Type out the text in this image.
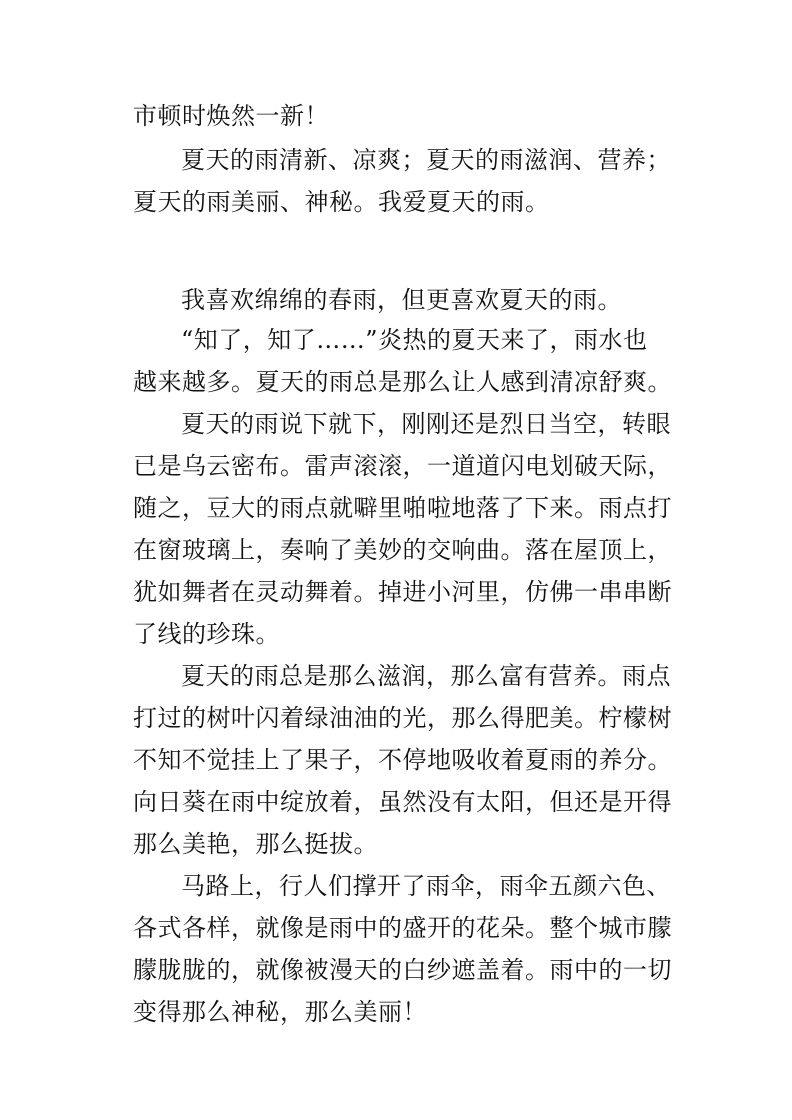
市顿时焕然一新！
夏天的雨清新、凉爽；夏天的雨滋润、营养；
夏天的雨美丽、神秘。我爱夏天的雨。
我喜欢绵绵的春雨，但更喜欢夏天的雨。
“知了，知了……”炎热的夏天来了，雨水也
越来越多。夏天的雨总是那么让人感到清凉舒爽。
夏天的雨说下就下，刚刚还是烈日当空，转眼
已是乌云密布。雷声滚滚，一道道闪电划破天际，
随之，豆大的雨点就噼里啪啦地落了下来。雨点打
在窗玻璃上，奏响了美妙的交响曲。落在屋顶上，
犹如舞者在灵动舞着。掉进小河里，仿佛一串串断
了线的珍珠。
夏天的雨总是那么滋润，那么富有营养。雨点
打过的树叶闪着绿油油的光，那么得肥美。柠檬树
不知不觉挂上了果子，不停地吸收着夏雨的养分。
向日葵在雨中绽放着，虽然没有太阳，但还是开得
那么美艳，那么挺拔。
马路上，行人们撑开了雨伞，雨伞五颜六色、
各式各样，就像是雨中的盛开的花朵。整个城市朦
朦胧胧的，就像被漫天的白纱遮盖着。雨中的一切
变得那么神秘，那么美丽！
